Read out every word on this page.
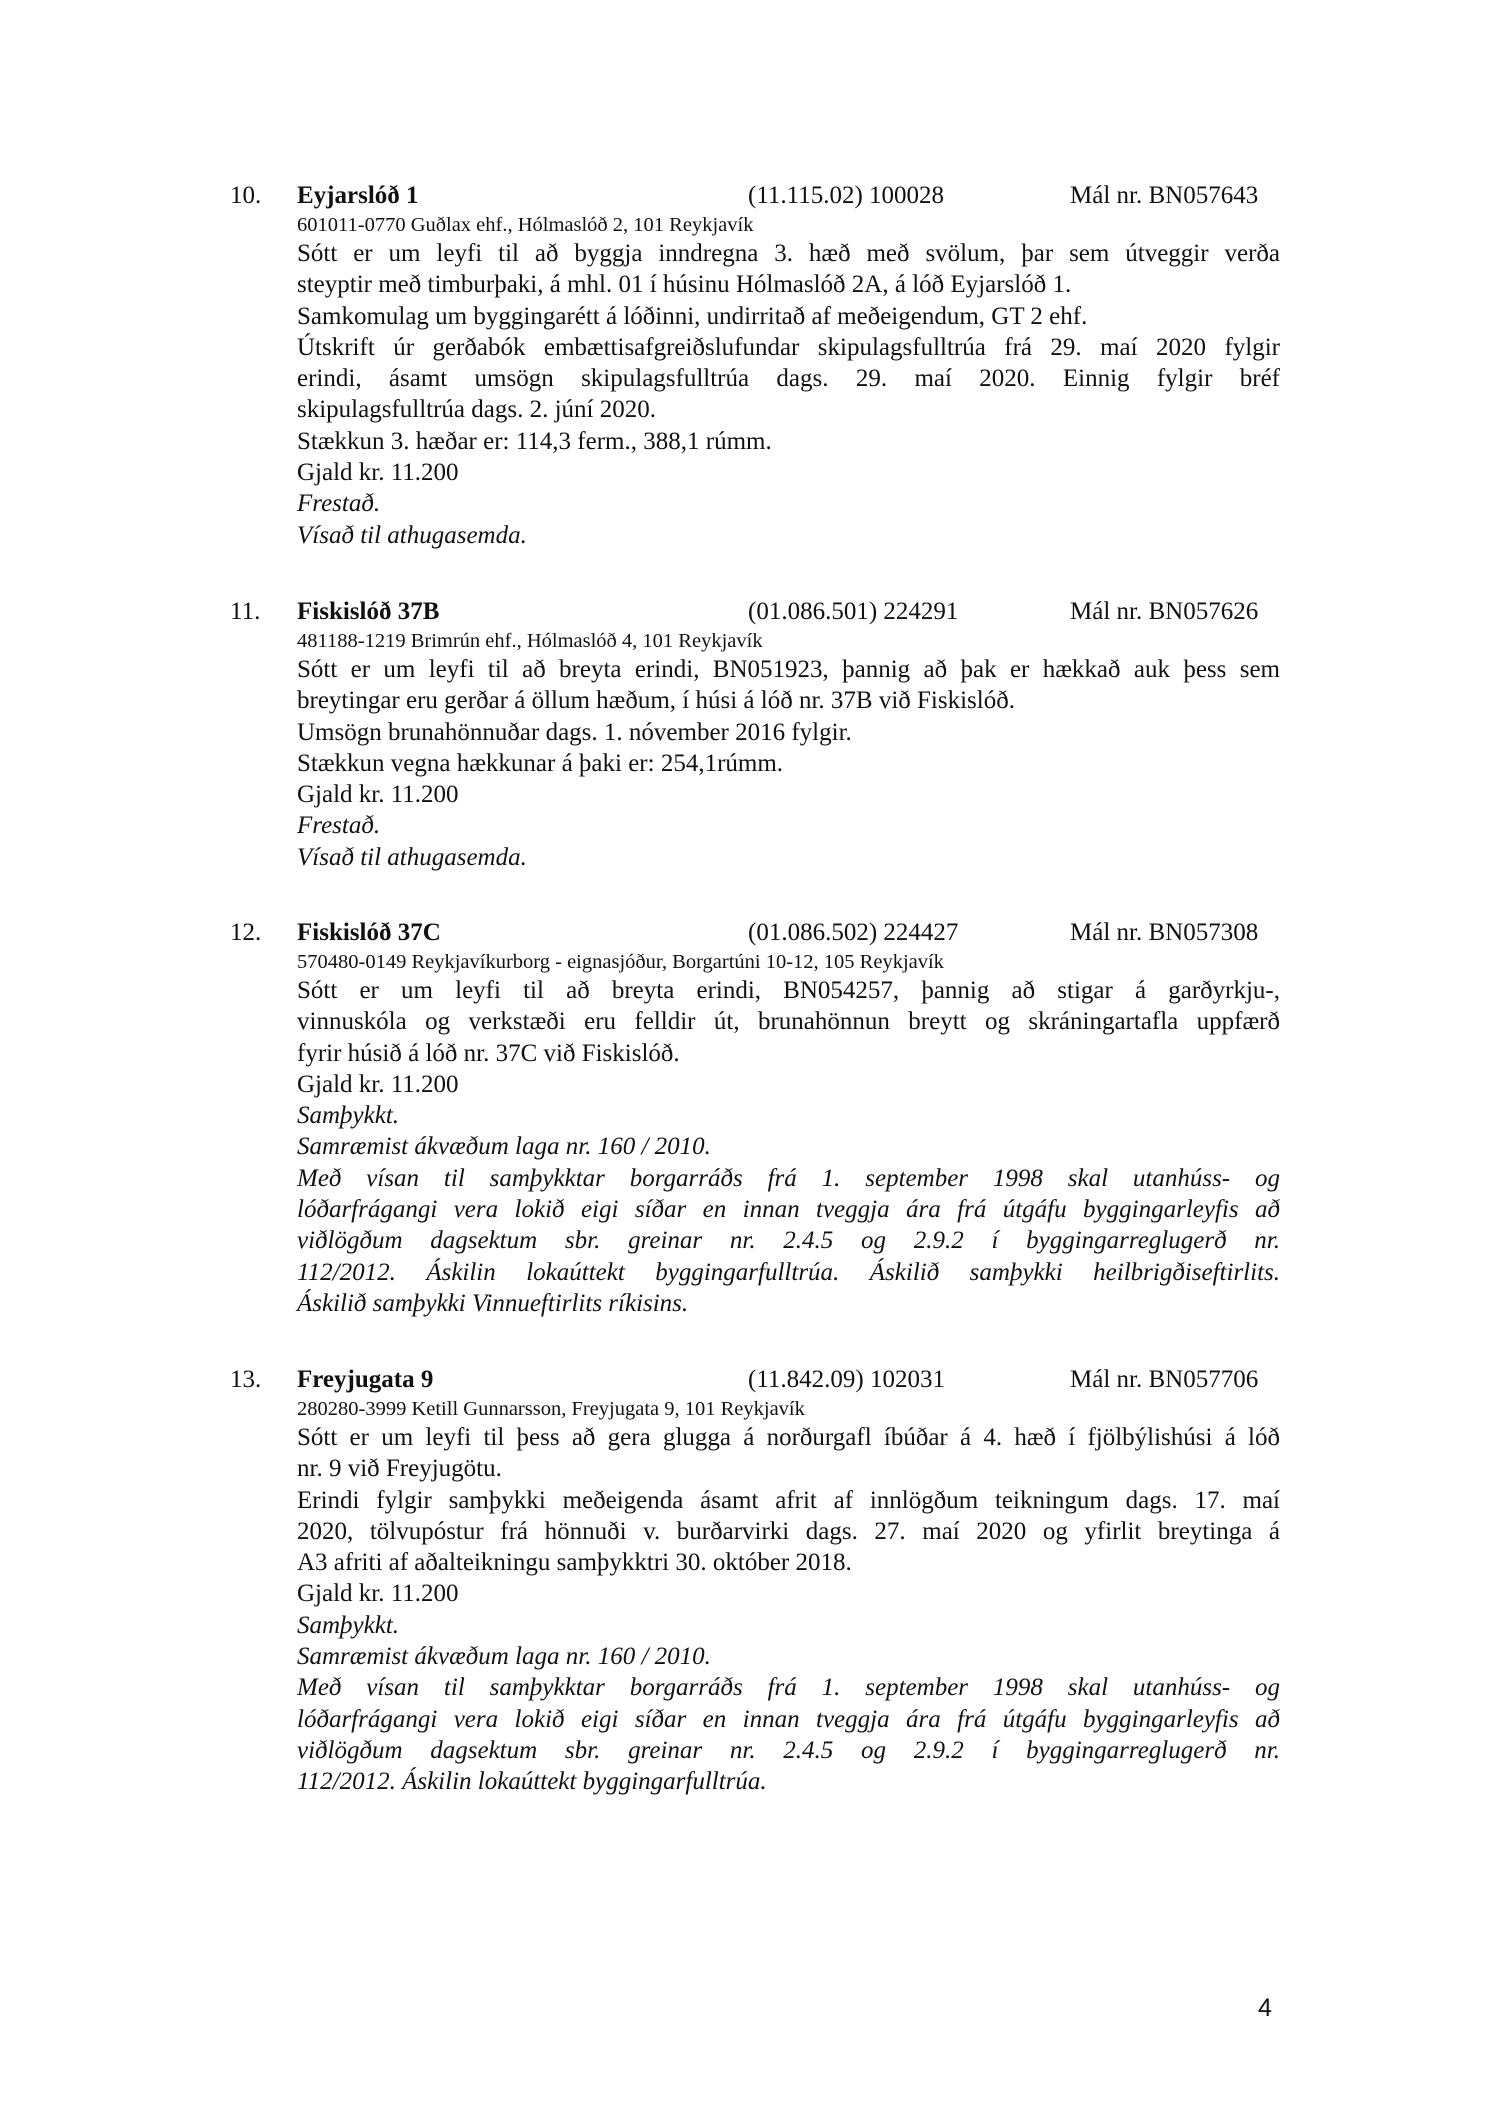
10. Eyjarslóð 1	(11.115.02) 100028	Mál nr. BN057643
601011-0770 Guðlax ehf., Hólmaslóð 2, 101 Reykjavík
Sótt er um leyfi til að byggja inndregna 3. hæð með svölum, þar sem útveggir verða
steyptir með timburþaki, á mhl. 01 í húsinu Hólmaslóð 2A, á lóð Eyjarslóð 1.
Samkomulag um byggingarétt á lóðinni, undirritað af meðeigendum, GT 2 ehf.
Útskrift úr gerðabók embættisafgreiðslufundar skipulagsfulltrúa frá 29. maí 2020 fylgir
erindi, ásamt umsögn skipulagsfulltrúa dags. 29. maí 2020. Einnig fylgir bréf
skipulagsfulltrúa dags. 2. júní 2020.
Stækkun 3. hæðar er: 114,3 ferm., 388,1 rúmm.
Gjald kr. 11.200
Frestað.
Vísað til athugasemda.
11. Fiskislóð 37B	(01.086.501) 224291	Mál nr. BN057626
481188-1219 Brimrún ehf., Hólmaslóð 4, 101 Reykjavík
Sótt er um leyfi til að breyta erindi, BN051923, þannig að þak er hækkað auk þess sem
breytingar eru gerðar á öllum hæðum, í húsi á lóð nr. 37B við Fiskislóð.
Umsögn brunahönnuðar dags. 1. nóvember 2016 fylgir.
Stækkun vegna hækkunar á þaki er: 254,1rúmm.
Gjald kr. 11.200
Frestað.
Vísað til athugasemda.
12. Fiskislóð 37C	(01.086.502) 224427	Mál nr. BN057308
570480-0149 Reykjavíkurborg - eignasjóður, Borgartúni 10-12, 105 Reykjavík
Sótt er um leyfi til að breyta erindi, BN054257, þannig að stigar á garðyrkju-,
vinnuskóla og verkstæði eru felldir út, brunahönnun breytt og skráningartafla uppfærð
fyrir húsið á lóð nr. 37C við Fiskislóð.
Gjald kr. 11.200
Samþykkt.
Samræmist ákvæðum laga nr. 160 / 2010.
Með vísan til samþykktar borgarráðs frá 1. september 1998 skal utanhúss- og
lóðarfrágangi vera lokið eigi síðar en innan tveggja ára frá útgáfu byggingarleyfis að
viðlögðum dagsektum sbr. greinar nr. 2.4.5 og 2.9.2 í byggingarreglugerð nr.
112/2012. Áskilin lokaúttekt byggingarfulltrúa. Áskilið samþykki heilbrigðiseftirlits.
Áskilið samþykki Vinnueftirlits ríkisins.
13. Freyjugata 9	(11.842.09) 102031	Mál nr. BN057706
280280-3999 Ketill Gunnarsson, Freyjugata 9, 101 Reykjavík
Sótt er um leyfi til þess að gera glugga á norðurgafl íbúðar á 4. hæð í fjölbýlishúsi á lóð
nr. 9 við Freyjugötu.
Erindi fylgir samþykki meðeigenda ásamt afrit af innlögðum teikningum dags. 17. maí
2020, tölvupóstur frá hönnuði v. burðarvirki dags. 27. maí 2020 og yfirlit breytinga á
A3 afriti af aðalteikningu samþykktri 30. október 2018.
Gjald kr. 11.200
Samþykkt.
Samræmist ákvæðum laga nr. 160 / 2010.
Með vísan til samþykktar borgarráðs frá 1. september 1998 skal utanhúss- og
lóðarfrágangi vera lokið eigi síðar en innan tveggja ára frá útgáfu byggingarleyfis að
viðlögðum dagsektum sbr. greinar nr. 2.4.5 og 2.9.2 í byggingarreglugerð nr.
112/2012. Áskilin lokaúttekt byggingarfulltrúa.
4
